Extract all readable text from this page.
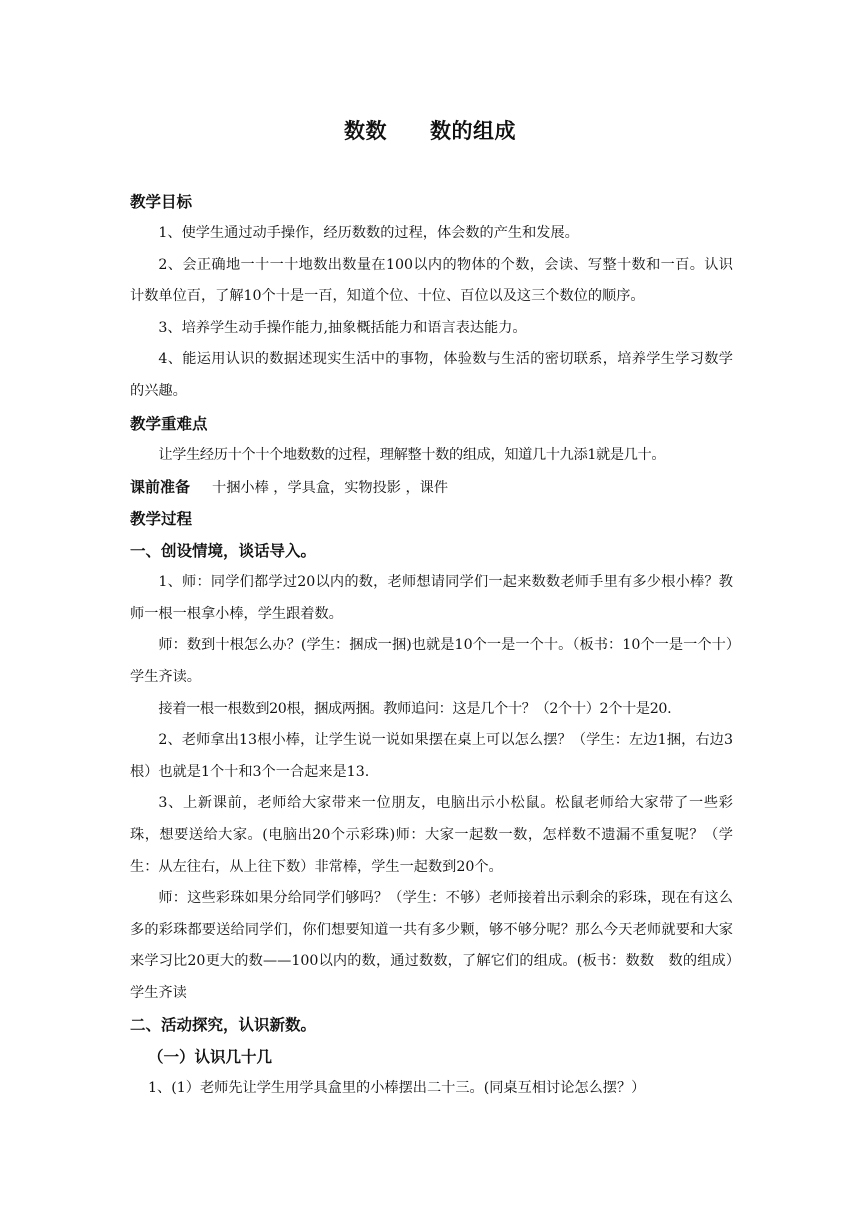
数数　　数的组成
教学目标

1、使学生通过动手操作，经历数数的过程，体会数的产生和发展。

2、会正确地一十一十地数出数量在100以内的物体的个数，会读、写整十数和一百。认识计数单位百，了解10个十是一百，知道个位、十位、百位以及这三个数位的顺序。

3、培养学生动手操作能力,抽象概括能力和语言表达能力。

4、能运用认识的数据述现实生活中的事物，体验数与生活的密切联系，培养学生学习数学的兴趣。

教学重难点

让学生经历十个十个地数数的过程，理解整十数的组成，知道几十九添1就是几十。

课前准备 十捆小棒 ，学具盒，实物投影 ，课件
教学过程
一、创设情境，谈话导入。

1、师：同学们都学过20以内的数，老师想请同学们一起来数数老师手里有多少根小棒？教师一根一根拿小棒，学生跟着数。

师：数到十根怎么办？(学生：捆成一捆)也就是10个一是一个十。（板书：10个一是一个十）学生齐读。

接着一根一根数到20根，捆成两捆。教师追问：这是几个十？（2个十）2个十是20.

2、老师拿出13根小棒，让学生说一说如果摆在桌上可以怎么摆？（学生：左边1捆，右边3根）也就是1个十和3个一合起来是13.

3、上新课前，老师给大家带来一位朋友，电脑出示小松鼠。松鼠老师给大家带了一些彩珠，想要送给大家。(电脑出20个示彩珠)师：大家一起数一数，怎样数不遗漏不重复呢？（学生：从左往右，从上往下数）非常棒，学生一起数到20个。

师：这些彩珠如果分给同学们够吗？（学生：不够）老师接着出示剩余的彩珠，现在有这么多的彩珠都要送给同学们，你们想要知道一共有多少颗，够不够分呢？那么今天老师就要和大家来学习比20更大的数——100以内的数，通过数数，了解它们的组成。(板书：数数　数的组成）学生齐读

二、活动探究，认识新数。
（一）认识几十几

1、(1）老师先让学生用学具盒里的小棒摆出二十三。(同桌互相讨论怎么摆？）
